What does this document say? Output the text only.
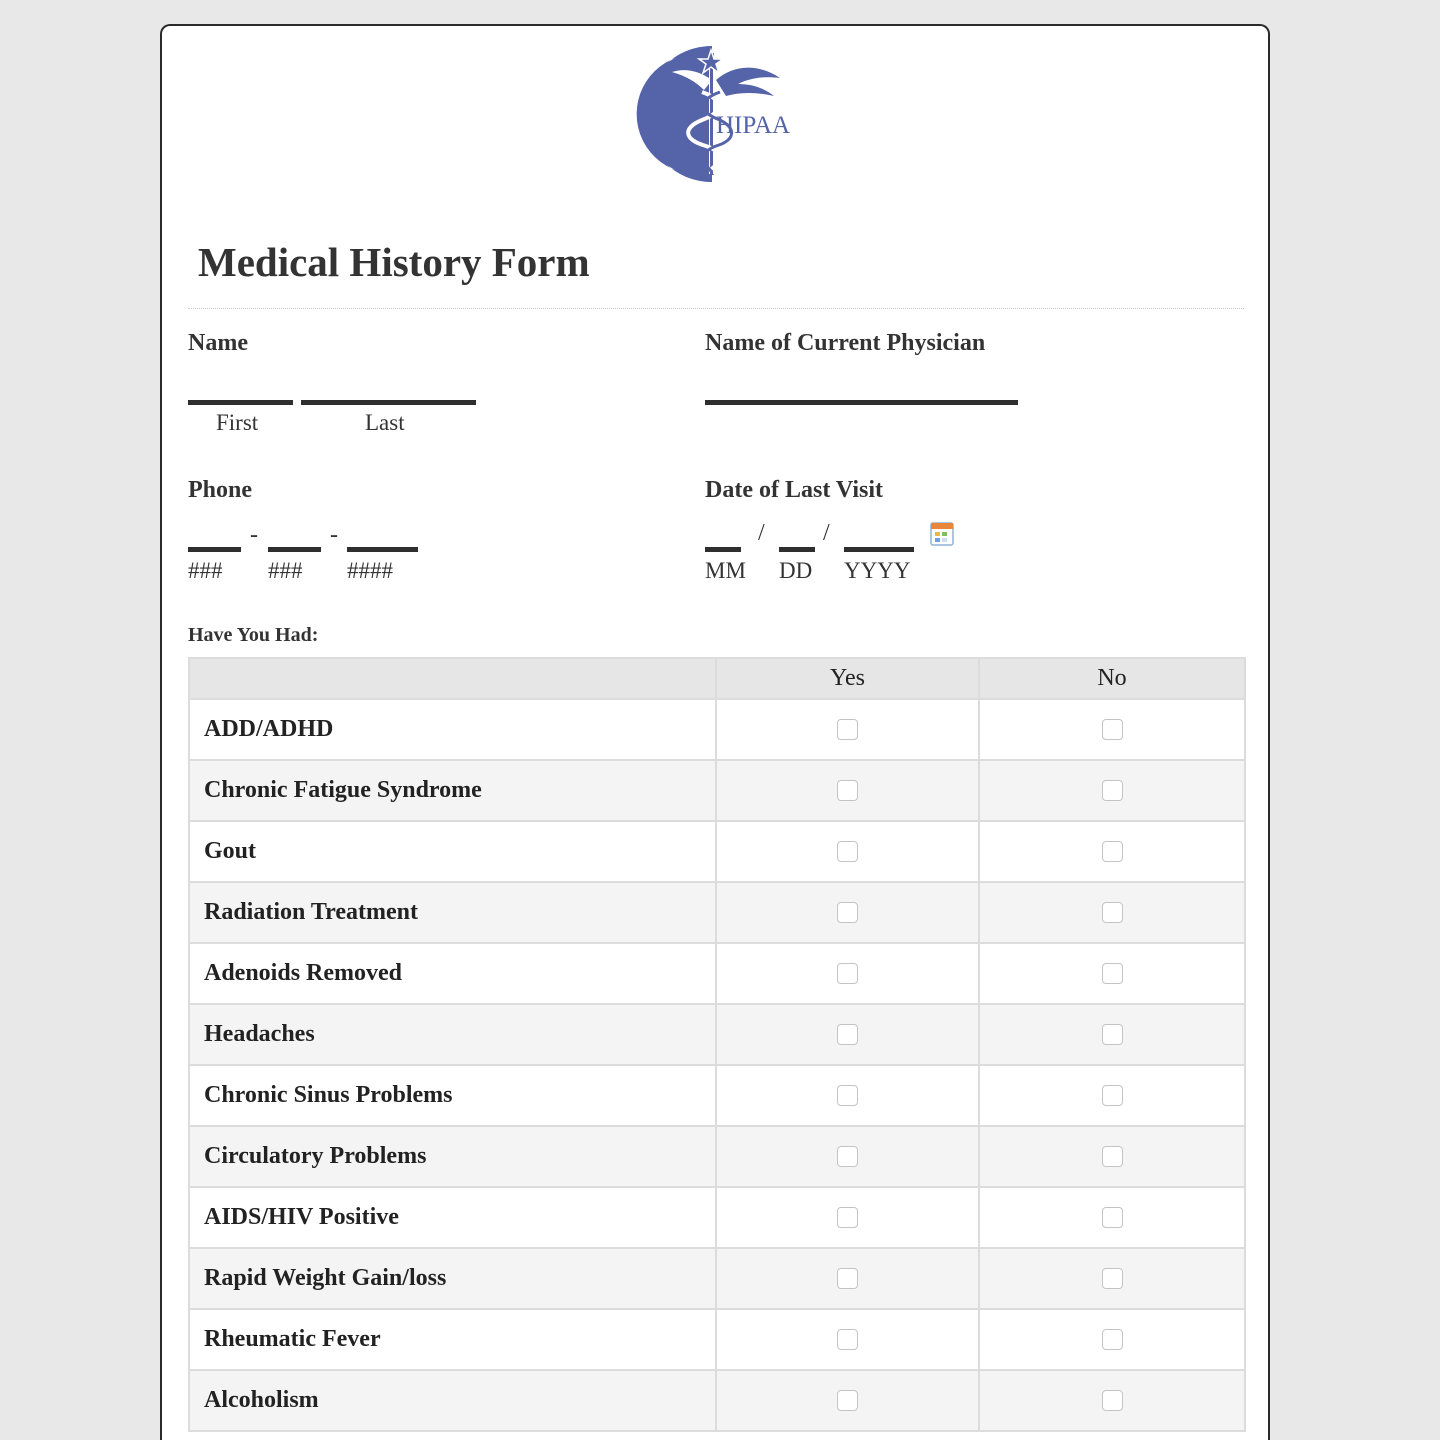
HIPAA
Medical History Form
Name
First	Last
Name of Current Physician
Phone
-	-
### ### ####
Date of Last Visit
/ /
MM DD YYYY
Have You Had:
	Yes	No
ADD/ADHD		
Chronic Fatigue Syndrome		
Gout		
Radiation Treatment		
Adenoids Removed		
Headaches		
Chronic Sinus Problems		
Circulatory Problems		
AIDS/HIV Positive		
Rapid Weight Gain/loss		
Rheumatic Fever		
Alcoholism		
